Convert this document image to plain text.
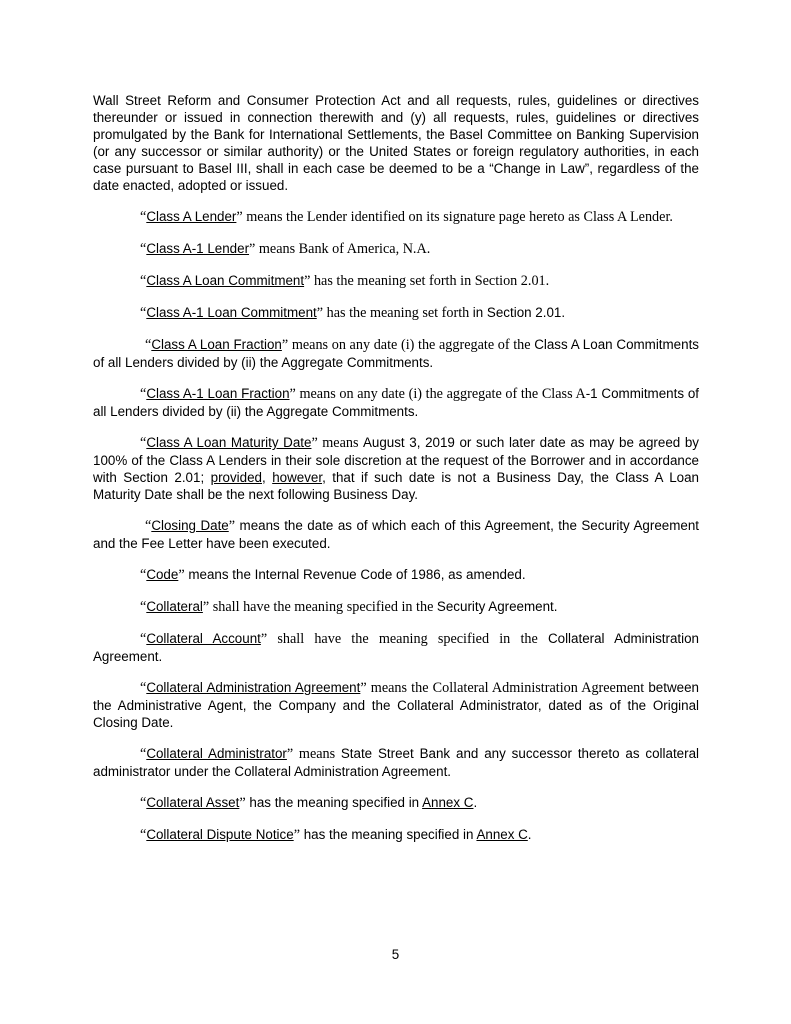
Wall Street Reform and Consumer Protection Act and all requests, rules, guidelines or directives thereunder or issued in connection therewith and (y) all requests, rules, guidelines or directives promulgated by the Bank for International Settlements, the Basel Committee on Banking Supervision (or any successor or similar authority) or the United States or foreign regulatory authorities, in each case pursuant to Basel III, shall in each case be deemed to be a “Change in Law”, regardless of the date enacted, adopted or issued.

“Class A Lender” means the Lender identified on its signature page hereto as Class A Lender.

“Class A-1 Lender” means Bank of America, N.A.

“Class A Loan Commitment” has the meaning set forth in Section 2.01.

“Class A-1 Loan Commitment” has the meaning set forth in Section 2.01.

“Class A Loan Fraction” means on any date (i) the aggregate of the Class A Loan Commitments of all Lenders divided by (ii) the Aggregate Commitments.

“Class A-1 Loan Fraction” means on any date (i) the aggregate of the Class A-1 Commitments of all Lenders divided by (ii) the Aggregate Commitments.

“Class A Loan Maturity Date” means August 3, 2019 or such later date as may be agreed by 100% of the Class A Lenders in their sole discretion at the request of the Borrower and in accordance with Section 2.01; provided, however, that if such date is not a Business Day, the Class A Loan Maturity Date shall be the next following Business Day.

“Closing Date” means the date as of which each of this Agreement, the Security Agreement and the Fee Letter have been executed.

“Code” means the Internal Revenue Code of 1986, as amended.

“Collateral” shall have the meaning specified in the Security Agreement.

“Collateral Account” shall have the meaning specified in the Collateral Administration Agreement.

“Collateral Administration Agreement” means the Collateral Administration Agreement between the Administrative Agent, the Company and the Collateral Administrator, dated as of the Original Closing Date.

“Collateral Administrator” means State Street Bank and any successor thereto as collateral administrator under the Collateral Administration Agreement.

“Collateral Asset” has the meaning specified in Annex C.

“Collateral Dispute Notice” has the meaning specified in Annex C.

5
